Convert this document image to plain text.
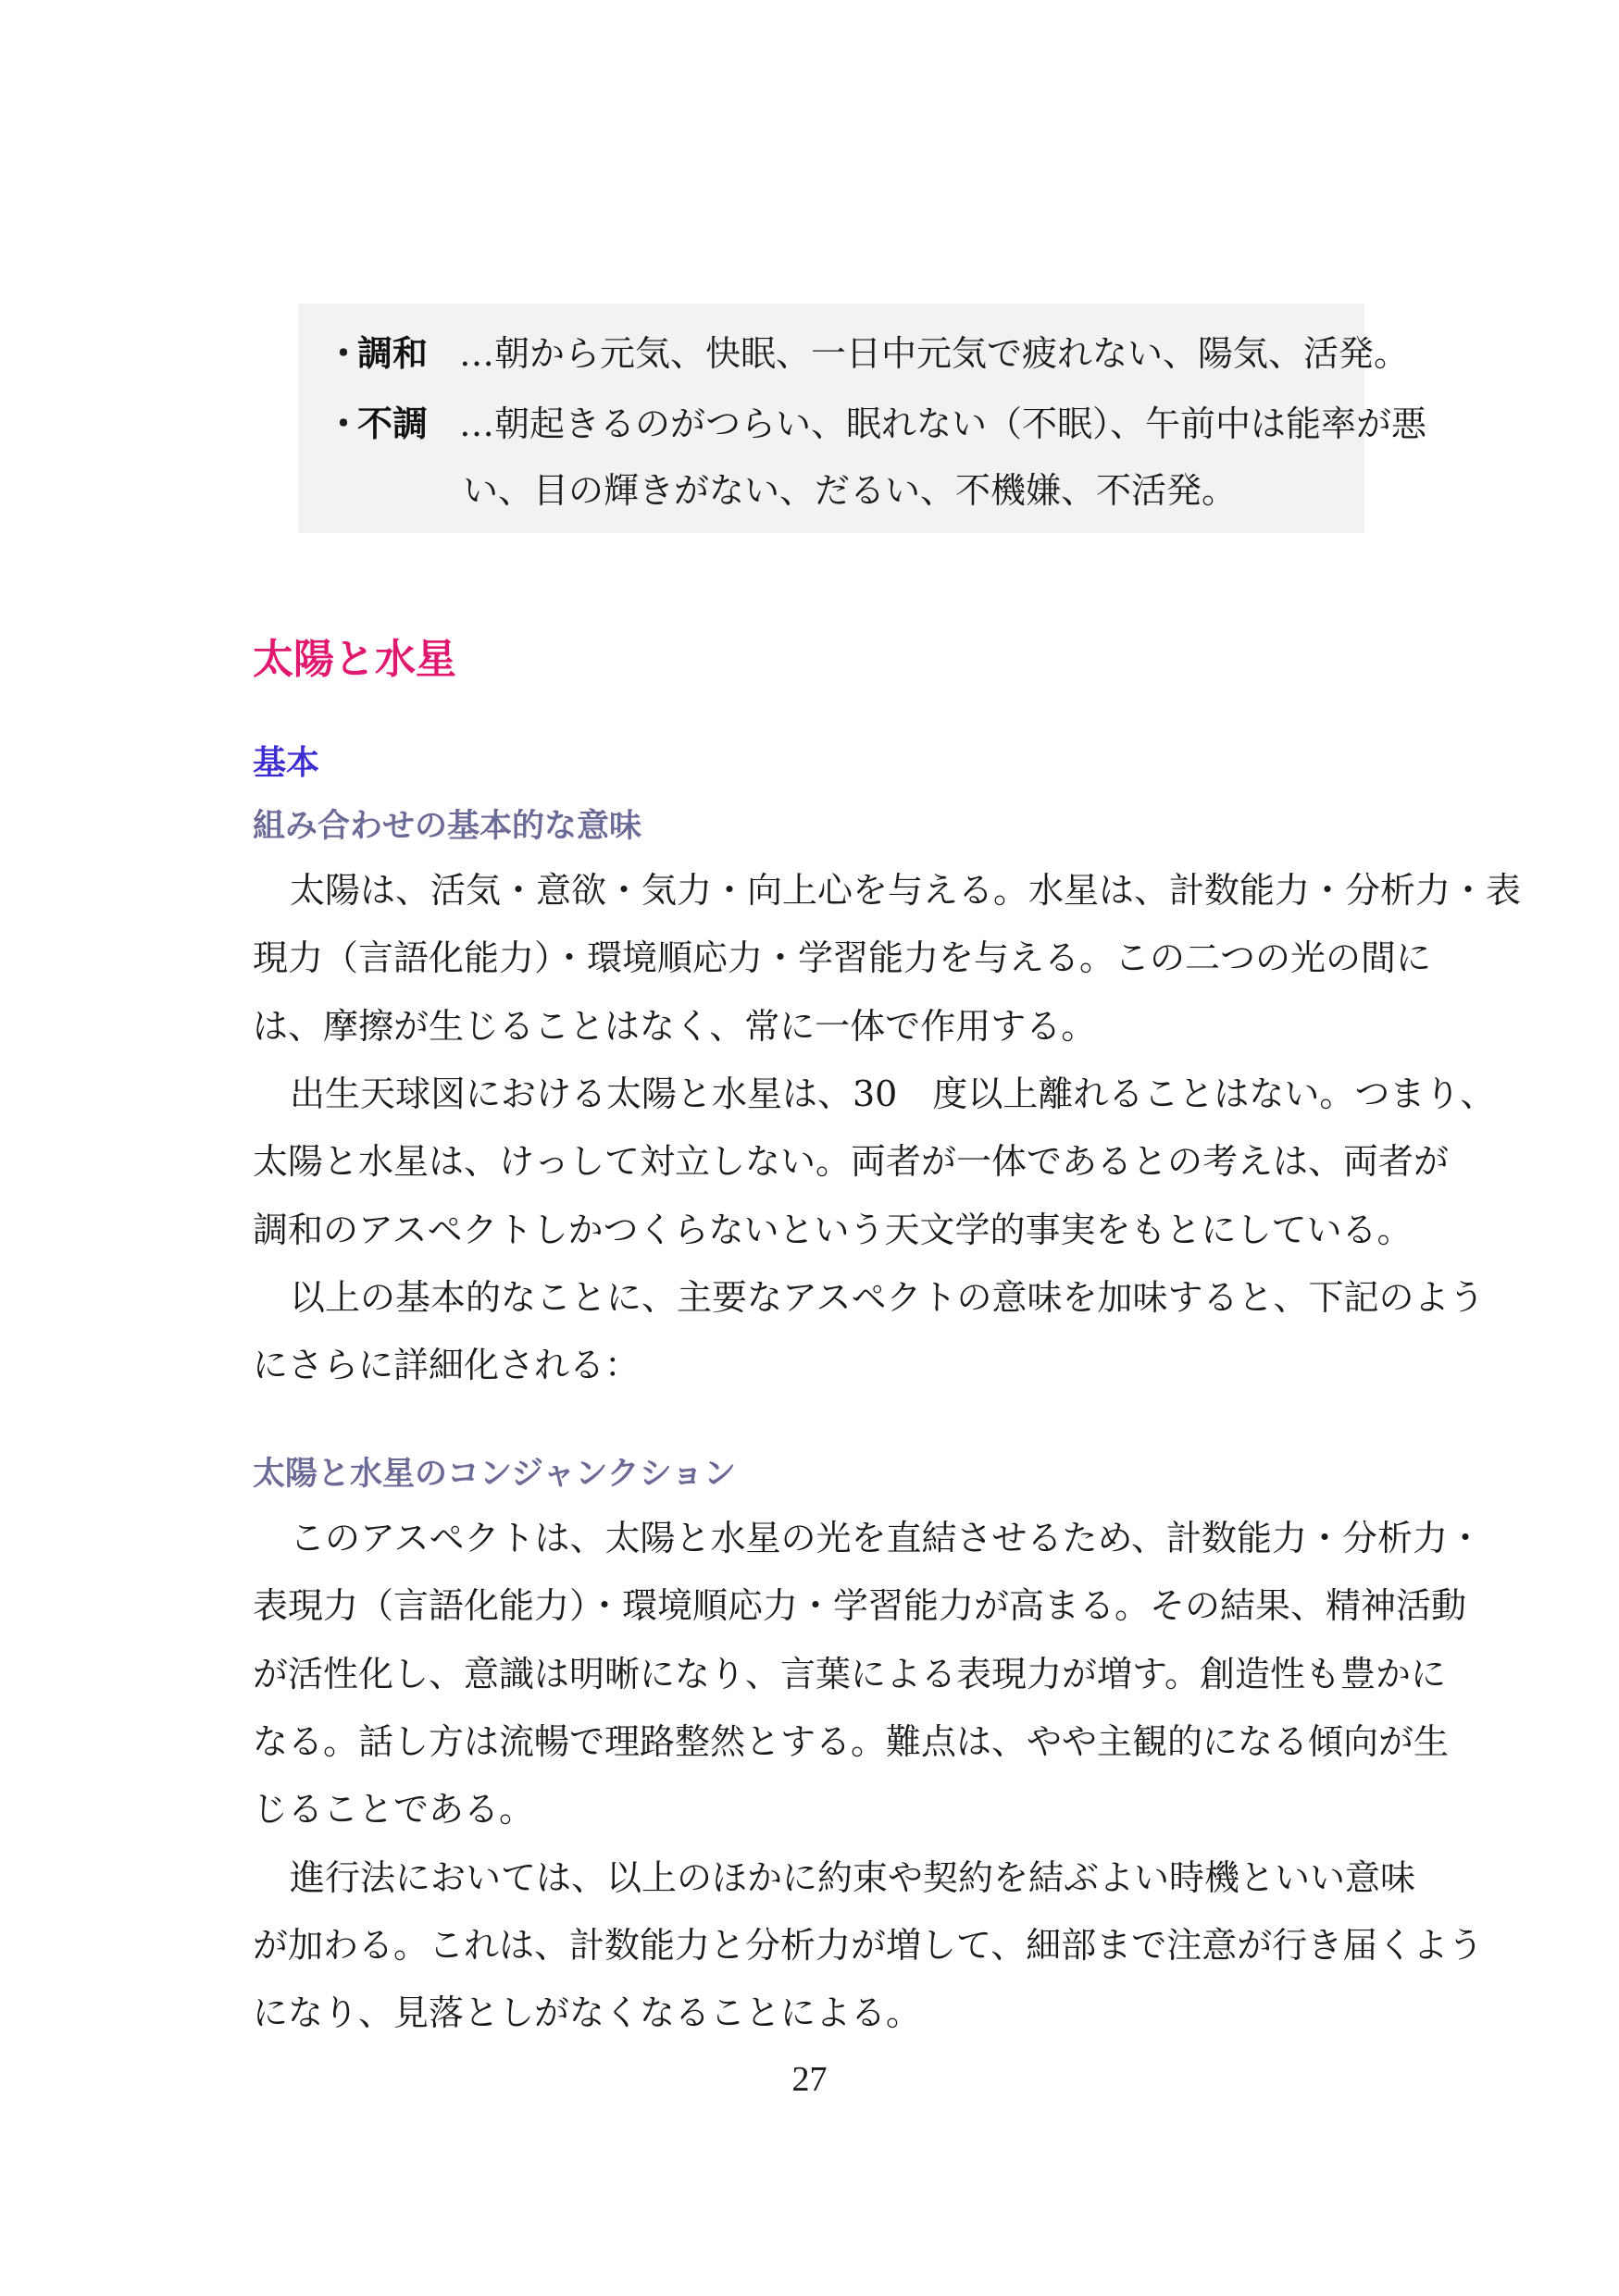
・調和 …朝から元気、快眠、一日中元気で疲れない、陽気、活発。
・不調 …朝起きるのがつらい、眠れない（不眠）、午前中は能率が悪
い、目の輝きがない、だるい、不機嫌、不活発。
太陽と水星
基本
組み合わせの基本的な意味
太陽は、活気・意欲・気力・向上心を与える。水星は、計数能力・分析力・表
現力（言語化能力）・環境順応力・学習能力を与える。この二つの光の間に
は、摩擦が生じることはなく、常に一体で作用する。
出生天球図における太陽と水星は、30　度以上離れることはない。つまり、
太陽と水星は、けっして対立しない。両者が一体であるとの考えは、両者が
調和のアスペクトしかつくらないという天文学的事実をもとにしている。
以上の基本的なことに、主要なアスペクトの意味を加味すると、下記のよう
にさらに詳細化される：
太陽と水星のコンジャンクション
このアスペクトは、太陽と水星の光を直結させるため、計数能力・分析力・
表現力（言語化能力）・環境順応力・学習能力が高まる。その結果、精神活動
が活性化し、意識は明晰になり、言葉による表現力が増す。創造性も豊かに
なる。話し方は流暢で理路整然とする。難点は、やや主観的になる傾向が生
じることである。
進行法においては、以上のほかに約束や契約を結ぶよい時機といい意味
が加わる。これは、計数能力と分析力が増して、細部まで注意が行き届くよう
になり、見落としがなくなることによる。
27
